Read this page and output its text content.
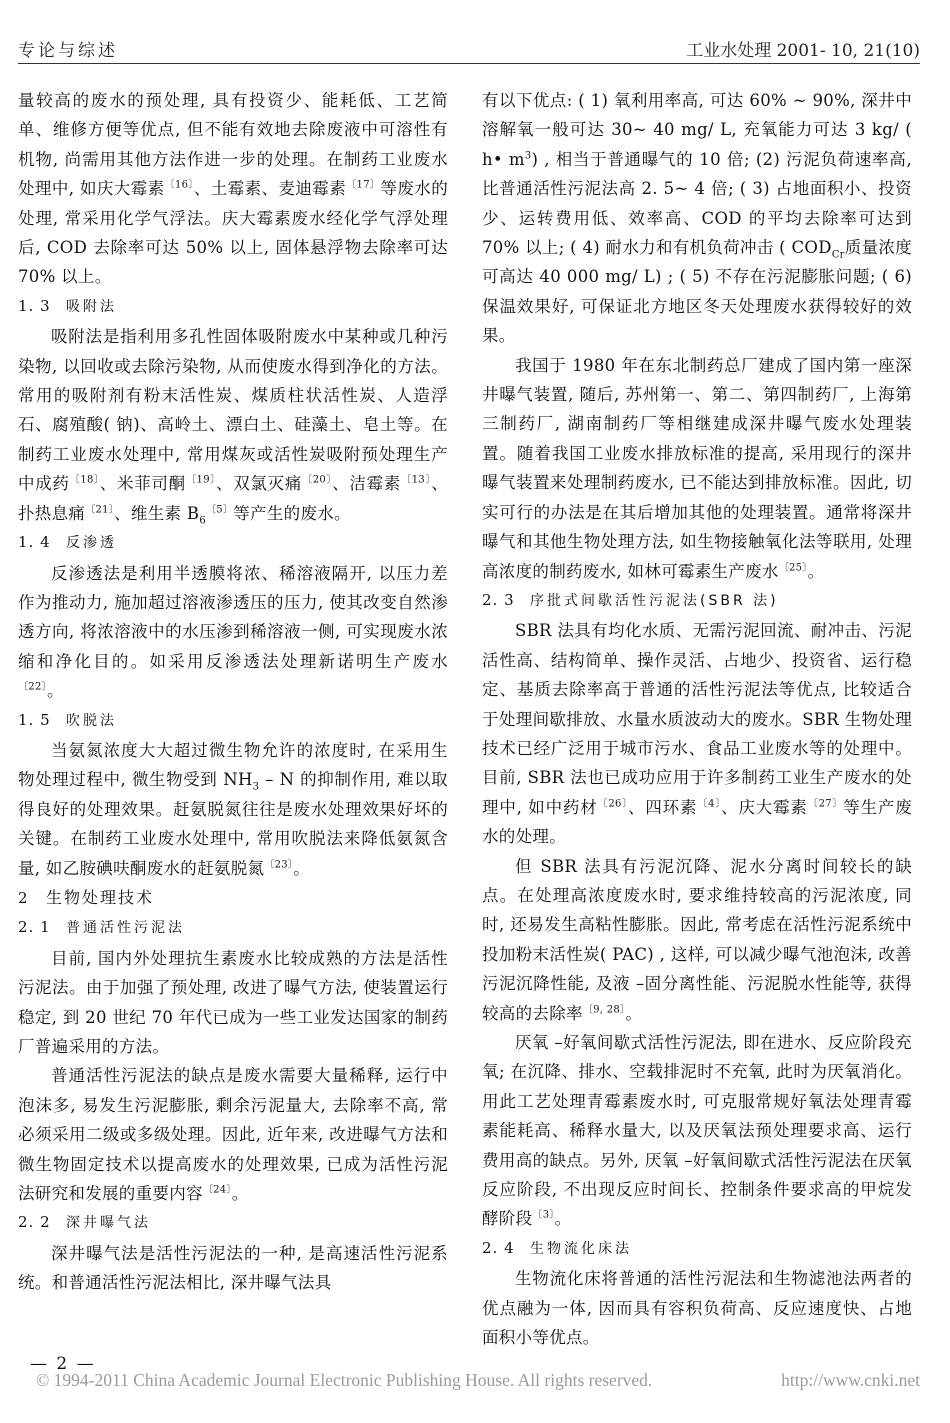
专论与综述	工业水处理 2001- 10, 21(10)

量较高的废水的预处理, 具有投资少、能耗低、工艺简单、维修方便等优点, 但不能有效地去除废液中可溶性有机物, 尚需用其他方法作进一步的处理。在制药工业废水处理中, 如庆大霉素$^{〔16〕}$、土霉素、麦迪霉素$^{〔17〕}$等废水的处理, 常采用化学气浮法。庆大霉素废水经化学气浮处理后, COD 去除率可达 50% 以上, 固体悬浮物去除率可达 70% 以上。

1. 3 吸附法

吸附法是指利用多孔性固体吸附废水中某种或几种污染物, 以回收或去除污染物, 从而使废水得到净化的方法。常用的吸附剂有粉末活性炭、煤质柱状活性炭、人造浮石、腐殖酸( 钠)、高岭土、漂白土、硅藻土、皂土等。在制药工业废水处理中, 常用煤灰或活性炭吸附预处理生产中成药$^{〔18〕}$、米菲司酮$^{〔19〕}$、双氯灭痛$^{〔20〕}$、洁霉素$^{〔13〕}$、扑热息痛$^{〔21〕}$、维生素 $B_6^{〔5〕}$等产生的废水。

1. 4 反渗透

反渗透法是利用半透膜将浓、稀溶液隔开, 以压力差作为推动力, 施加超过溶液渗透压的压力, 使其改变自然渗透方向, 将浓溶液中的水压渗到稀溶液一侧, 可实现废水浓缩和净化目的。如采用反渗透法处理新诺明生产废水$^{〔22〕}$。

1. 5 吹脱法

当氨氮浓度大大超过微生物允许的浓度时, 在采用生物处理过程中, 微生物受到 $NH_3$ – N 的抑制作用, 难以取得良好的处理效果。赶氨脱氮往往是废水处理效果好坏的关键。在制药工业废水处理中, 常用吹脱法来降低氨氮含量, 如乙胺碘呋酮废水的赶氨脱氮$^{〔23〕}$。

2 生物处理技术
2. 1 普通活性污泥法

目前, 国内外处理抗生素废水比较成熟的方法是活性污泥法。由于加强了预处理, 改进了曝气方法, 使装置运行稳定, 到 20 世纪 70 年代已成为一些工业发达国家的制药厂普遍采用的方法。

普通活性污泥法的缺点是废水需要大量稀释, 运行中泡沫多, 易发生污泥膨胀, 剩余污泥量大, 去除率不高, 常必须采用二级或多级处理。因此, 近年来, 改进曝气方法和微生物固定技术以提高废水的处理效果, 已成为活性污泥法研究和发展的重要内容$^{〔24〕}$。

2. 2 深井曝气法

深井曝气法是活性污泥法的一种, 是高速活性污泥系统。和普通活性污泥法相比, 深井曝气法具

有以下优点: ( 1) 氧利用率高, 可达 60% ~ 90%, 深井中溶解氧一般可达 30~ 40 mg/ L, 充氧能力可达 3 kg/ ( h• $m^3$) , 相当于普通曝气的 10 倍; (2) 污泥负荷速率高, 比普通活性污泥法高 2. 5~ 4 倍; ( 3) 占地面积小、投资少、运转费用低、效率高、COD 的平均去除率可达到 70% 以上; ( 4) 耐水力和有机负荷冲击 ( $COD_{Cr}$质量浓度可高达 40 000 mg/ L) ; ( 5) 不存在污泥膨胀问题; ( 6) 保温效果好, 可保证北方地区冬天处理废水获得较好的效果。

我国于 1980 年在东北制药总厂建成了国内第一座深井曝气装置, 随后, 苏州第一、第二、第四制药厂, 上海第三制药厂, 湖南制药厂等相继建成深井曝气废水处理装置。随着我国工业废水排放标准的提高, 采用现行的深井曝气装置来处理制药废水, 已不能达到排放标准。因此, 切实可行的办法是在其后增加其他的处理装置。通常将深井曝气和其他生物处理方法, 如生物接触氧化法等联用, 处理高浓度的制药废水, 如林可霉素生产废水$^{〔25〕}$。

2. 3 序批式间歇活性污泥法(SBR 法)

SBR 法具有均化水质、无需污泥回流、耐冲击、污泥活性高、结构简单、操作灵活、占地少、投资省、运行稳定、基质去除率高于普通的活性污泥法等优点, 比较适合于处理间歇排放、水量水质波动大的废水。SBR 生物处理技术已经广泛用于城市污水、食品工业废水等的处理中。目前, SBR 法也已成功应用于许多制药工业生产废水的处理中, 如中药材$^{〔26〕}$、四环素$^{〔4〕}$、庆大霉素$^{〔27〕}$等生产废水的处理。

但 SBR 法具有污泥沉降、泥水分离时间较长的缺点。在处理高浓度废水时, 要求维持较高的污泥浓度, 同时, 还易发生高粘性膨胀。因此, 常考虑在活性污泥系统中投加粉末活性炭( PAC) , 这样, 可以减少曝气池泡沫, 改善污泥沉降性能, 及液 –固分离性能、污泥脱水性能等, 获得较高的去除率$^{〔9, 28〕}$。

厌氧 –好氧间歇式活性污泥法, 即在进水、反应阶段充氧; 在沉降、排水、空载排泥时不充氧, 此时为厌氧消化。用此工艺处理青霉素废水时, 可克服常规好氧法处理青霉素能耗高、稀释水量大, 以及厌氧法预处理要求高、运行费用高的缺点。另外, 厌氧 –好氧间歇式活性污泥法在厌氧反应阶段, 不出现反应时间长、控制条件要求高的甲烷发酵阶段$^{〔3〕}$。

2. 4 生物流化床法

生物流化床将普通的活性污泥法和生物滤池法两者的优点融为一体, 因而具有容积负荷高、反应速度快、占地面积小等优点。

— 2 —
© 1994-2011 China Academic Journal Electronic Publishing House. All rights reserved.	http://www.cnki.net
